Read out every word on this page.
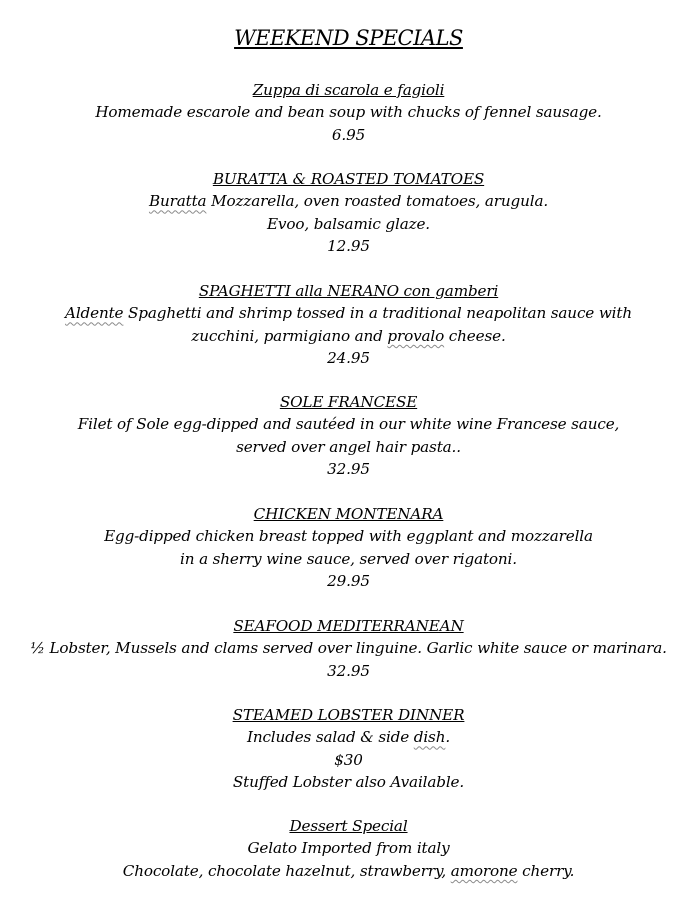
WEEKEND SPECIALS
Zuppa di scarola e fagioli
Homemade escarole and bean soup with chucks of fennel sausage.
6.95
BURATTA & ROASTED TOMATOES
Buratta Mozzarella, oven roasted tomatoes, arugula.
Evoo, balsamic glaze.
12.95
SPAGHETTI alla NERANO con gamberi
Aldente Spaghetti and shrimp tossed in a traditional neapolitan sauce with
zucchini, parmigiano and provalo cheese.
24.95
SOLE FRANCESE
Filet of Sole egg-dipped and sautéed in our white wine Francese sauce,
served over angel hair pasta..
32.95
CHICKEN MONTENARA
Egg-dipped chicken breast topped with eggplant and mozzarella
in a sherry wine sauce, served over rigatoni.
29.95
SEAFOOD MEDITERRANEAN
½ Lobster, Mussels and clams served over linguine. Garlic white sauce or marinara.
32.95
STEAMED LOBSTER DINNER
Includes salad & side dish.
$30
Stuffed Lobster also Available.
Dessert Special
Gelato Imported from italy
Chocolate, chocolate hazelnut, strawberry, amorone cherry.
